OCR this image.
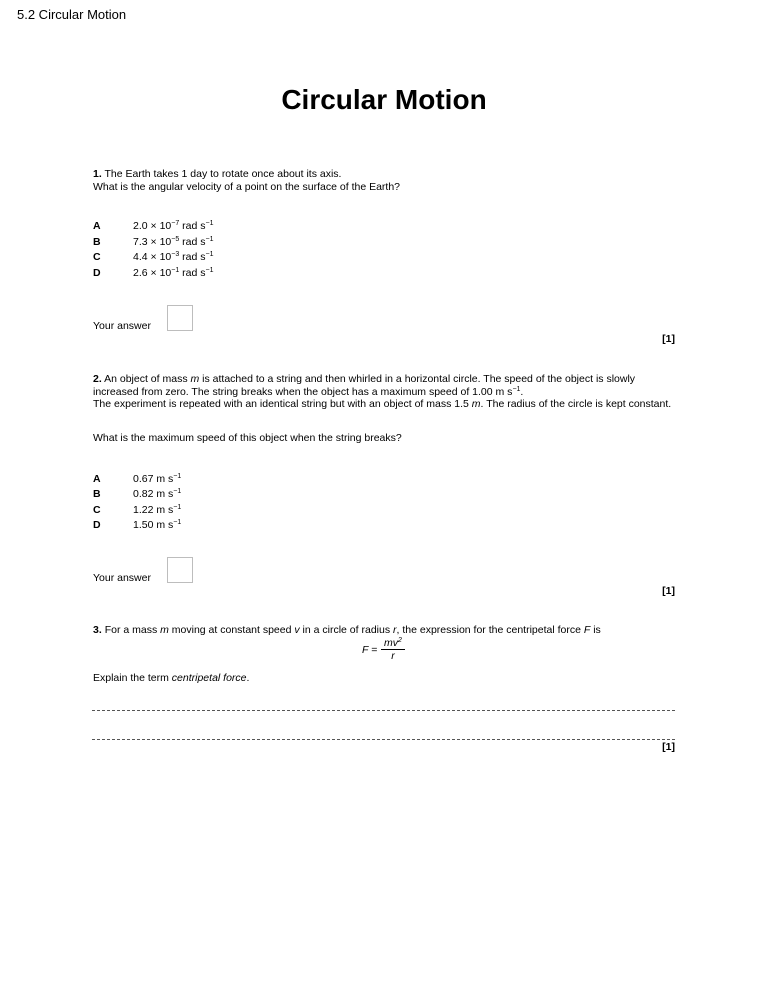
5.2 Circular Motion
Circular Motion
1. The Earth takes 1 day to rotate once about its axis.
What is the angular velocity of a point on the surface of the Earth?
A	$2.0 \times 10^{-7}$ rad $s^{-1}$
B	$7.3 \times 10^{-5}$ rad $s^{-1}$
C	$4.4 \times 10^{-3}$ rad $s^{-1}$
D	$2.6 \times 10^{-1}$ rad $s^{-1}$
Your answer
[1]
2. An object of mass m is attached to a string and then whirled in a horizontal circle. The speed of the object is slowly increased from zero. The string breaks when the object has a maximum speed of 1.00 m $s^{-1}$.
The experiment is repeated with an identical string but with an object of mass 1.5 m. The radius of the circle is kept constant.
What is the maximum speed of this object when the string breaks?
A	0.67 m $s^{-1}$
B	0.82 m $s^{-1}$
C	1.22 m $s^{-1}$
D	1.50 m $s^{-1}$
Your answer
[1]
3. For a mass m moving at constant speed v in a circle of radius r, the expression for the centripetal force F is
$F = \frac{mv^2}{r}$
Explain the term centripetal force.
[1]
